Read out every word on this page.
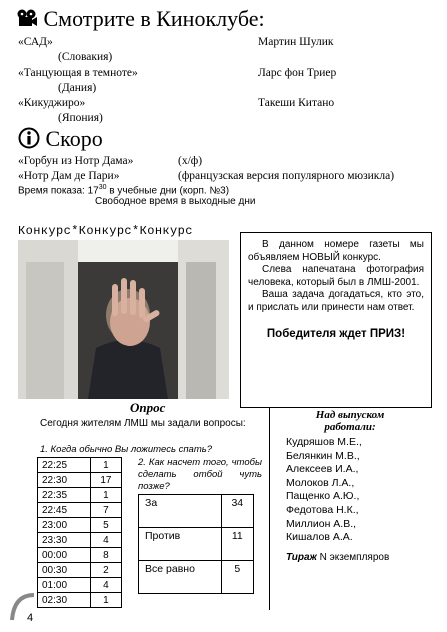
Смотрите в Киноклубе:
«САД»	Мартин Шулик
(Словакия)
«Танцующая в темноте»	Ларс фон Триер
(Дания)
«Кикуджиро»	Такеши Китано
(Япония)
Скоро
«Горбун из Нотр Дама»	(х/ф)
«Нотр Дам де Пари»	(французская версия популярного мюзикла)
Время показа: $17^{30}$ в учебные дни (корп. №3)
Свободное время в выходные дни
Конкурс*Конкурс*Конкурс
В данном номере газеты мы объявляем НОВЫЙ конкурс.
Слева напечатана фотография человека, который был в ЛМШ-2001.
Ваша задача догадаться, кто это, и прислать или принести нам ответ.
Победителя ждет ПРИЗ!
Опрос
Сегодня жителям ЛМШ мы задали вопросы:
1. Когда обычно Вы ложитесь спать?
22:25	1
22:30	17
22:35	1
22:45	7
23:00	5
23:30	4
00:00	8
00:30	2
01:00	4
02:30	1
2. Как насчет того, чтобы сделать отбой чуть позже?
За	34
Против	11
Все равно	5
Над выпуском работали:
Кудряшов М.Е.,
Белянкин М.В.,
Алексеев И.А.,
Молоков Л.А.,
Пащенко А.Ю.,
Федотова Н.К.,
Миллион А.В.,
Кишалов А.А.
Тираж N экземпляров
4
